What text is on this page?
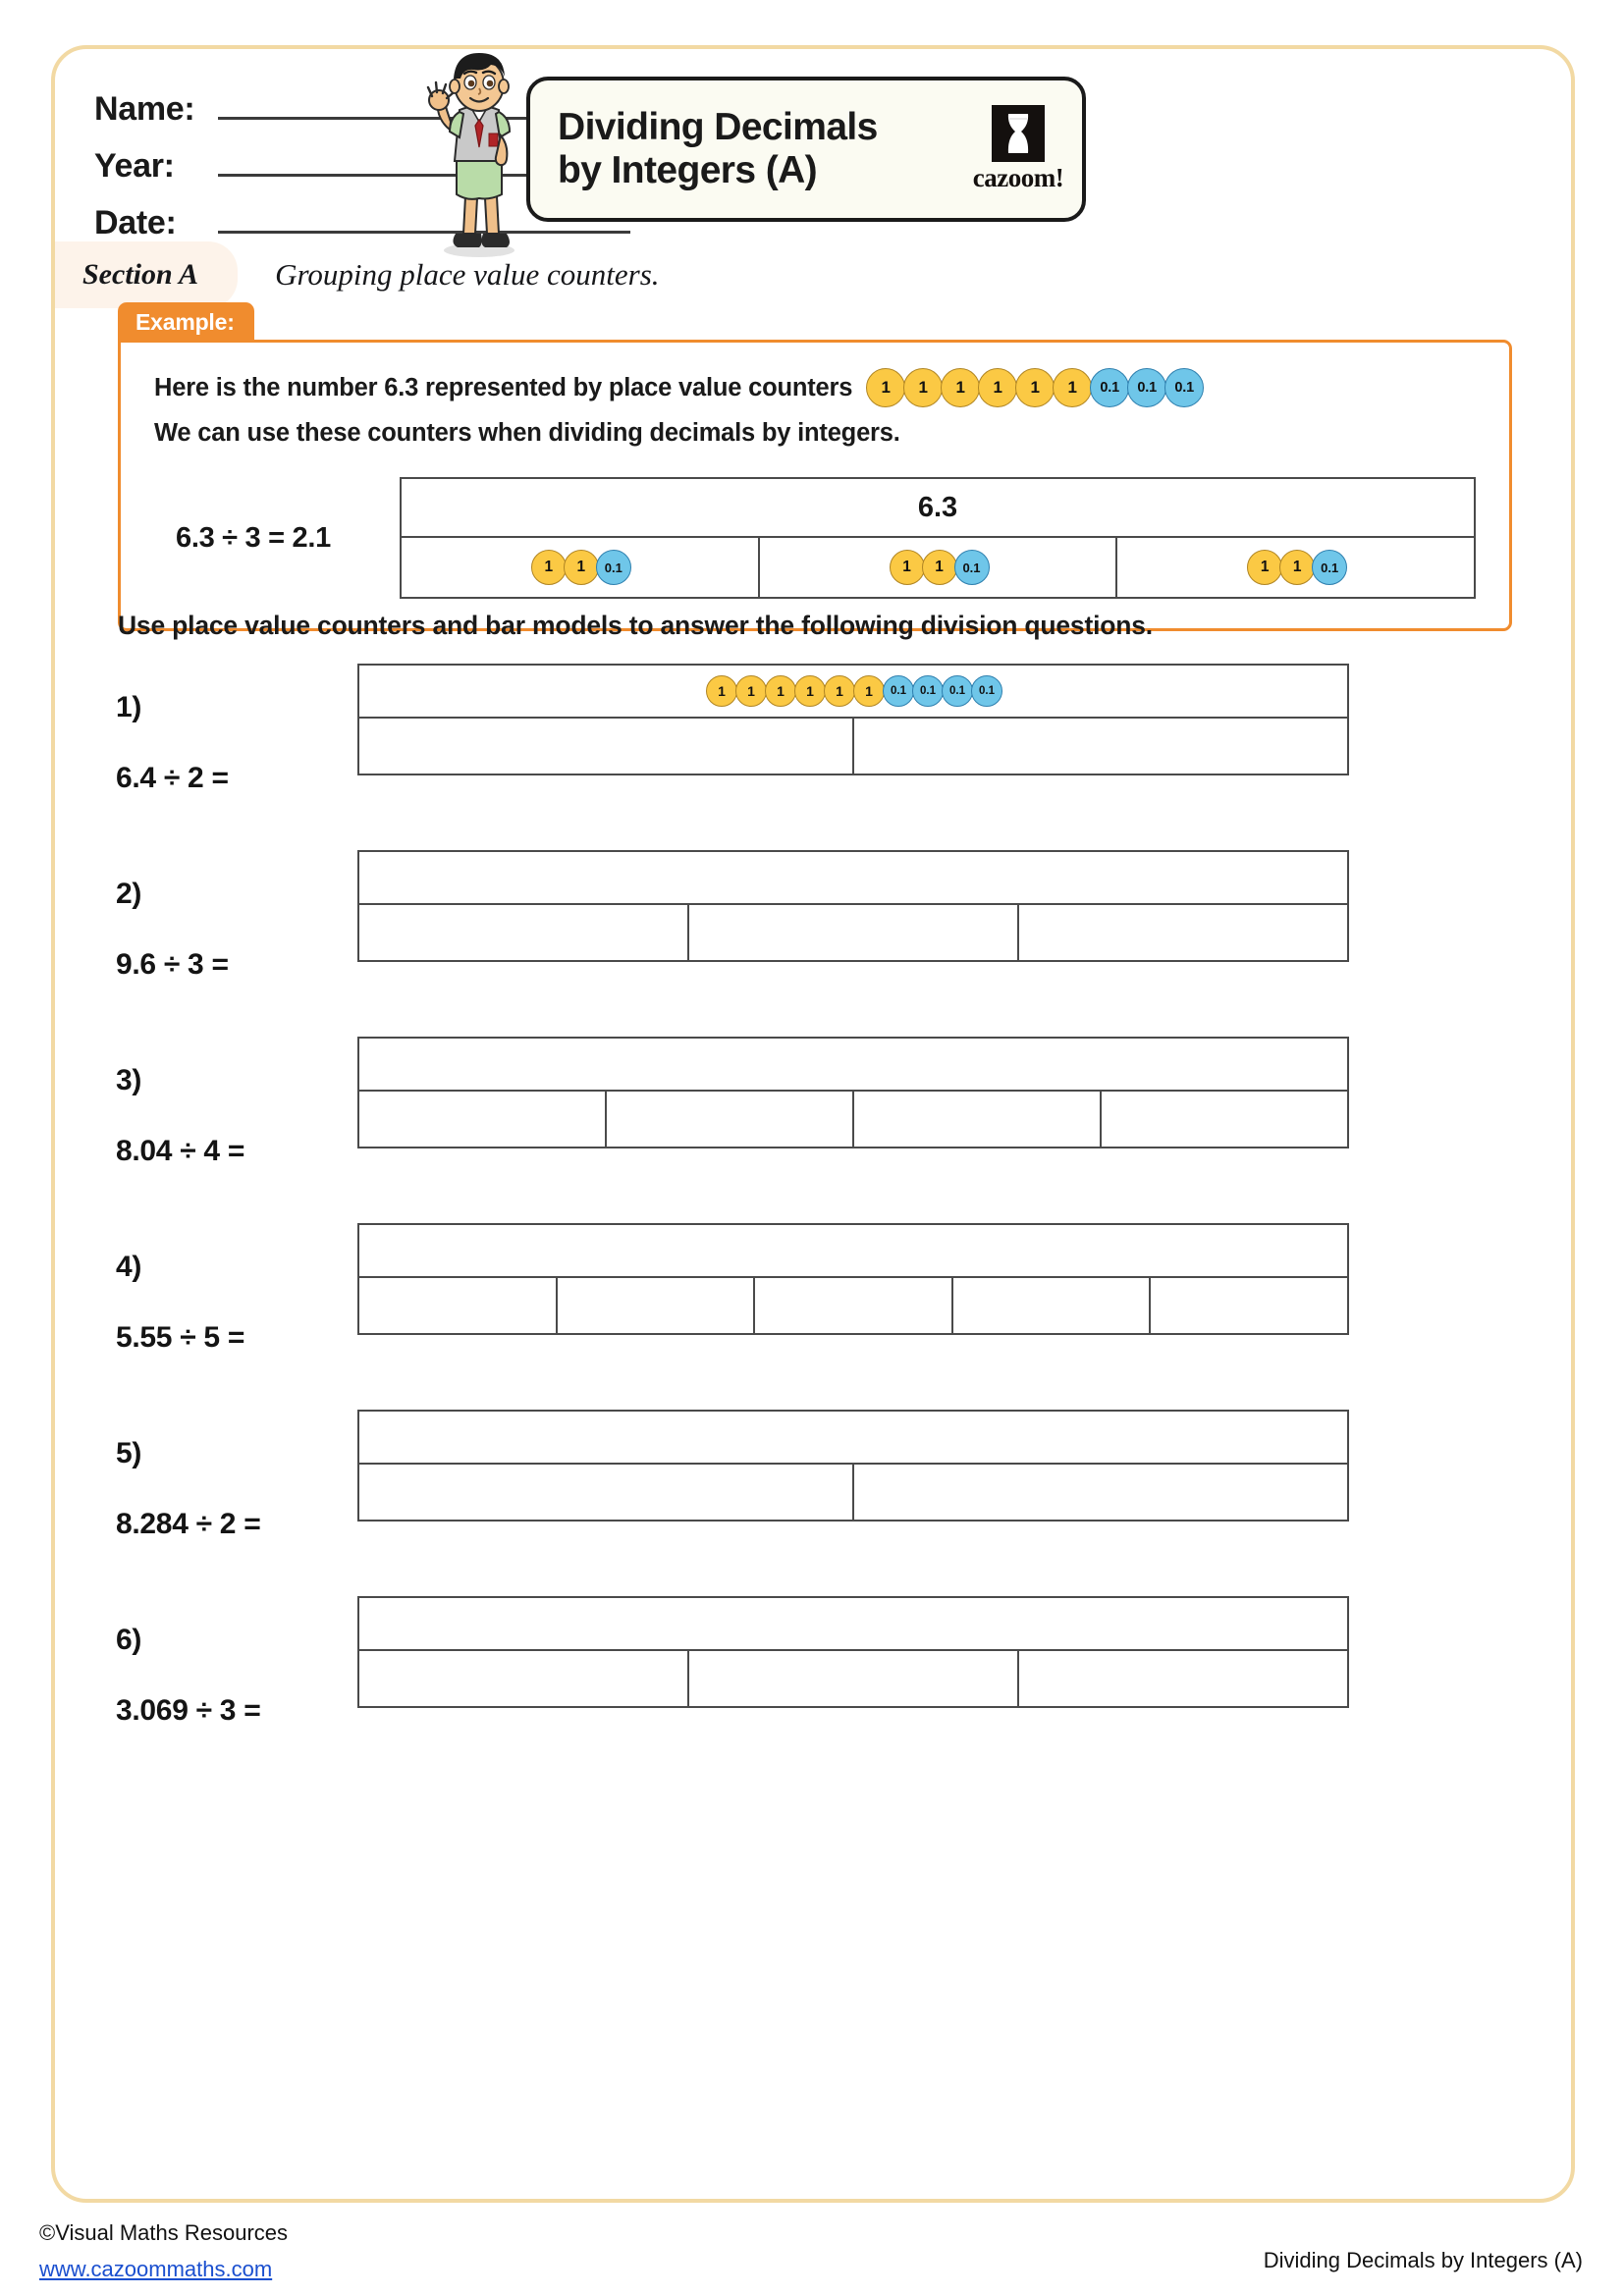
Name:
Year:
Date:
Dividing Decimals
by Integers (A)	cazoom!
Section A	Grouping place value counters.
Example:
Here is the number 6.3 represented by place value counters	1	1	1	1	1	1	0.1	0.1	0.1
We can use these counters when dividing decimals by integers.
6.3 ÷ 3 = 2.1
6.3
1	1	0.1	1	1	0.1	1	1	0.1
Use place value counters and bar models to answer the following division questions.
1)
6.4 ÷ 2 =
1	1	1	1	1	1	0.1	0.1	0.1	0.1
2)
9.6 ÷ 3 =
3)
8.04 ÷ 4 =
4)
5.55 ÷ 5 =
5)
8.284 ÷ 2 =
6)
3.069 ÷ 3 =
©Visual Maths Resources
www.cazoommaths.com	Dividing Decimals by Integers (A)
